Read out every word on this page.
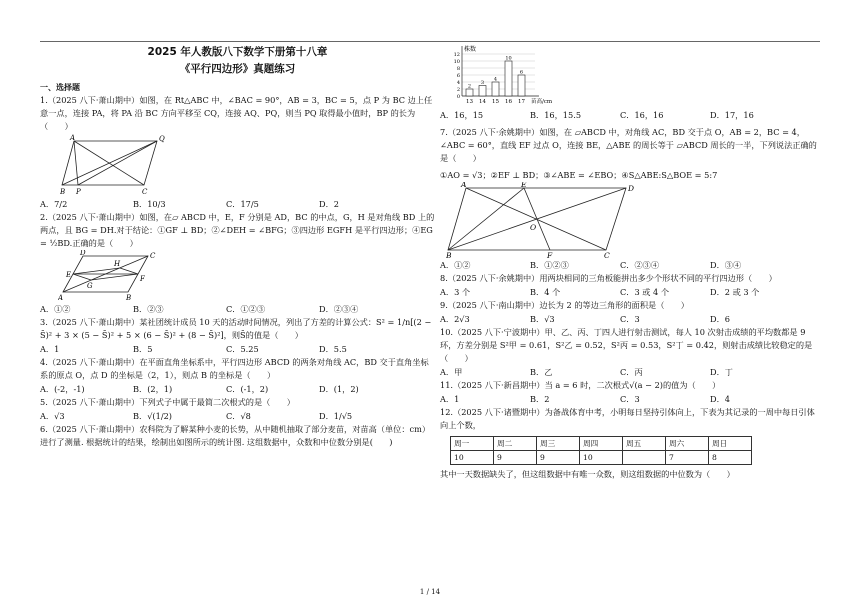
2025 年人教版八下数学下册第十八章
《平行四边形》真题练习
一、选择题

1.（2025 八下·萧山期中）如图，在 Rt△ABC 中，∠BAC = 90°，AB = 3，BC = 5，点 P 为 BC 边上任意一点，连接 PA，将 PA 沿 BC 方向平移至 CQ，连接 AQ、PQ，则当 PQ 取得最小值时，BP 的长为（　　）

A	Q
B P	C
A．7/2	B．10/3	C．17/5	D．2

2.（2025 八下·萧山期中）如图，在▱ ABCD 中，E，F 分别是 AD，BC 的中点，G，H 是对角线 BD 上的两点，且 BG = DH.对于结论：①GF ⊥ BD；②∠DEH = ∠BFG；③四边形 EGFH 是平行四边形；④EG = ½BD.正确的是（　　）

D
E
H
C
A
G
F
B
A．①②	B．②③	C．①②③	D．②③④

3.（2025 八下·萧山期中）某社团统计成员 10 天的活动时间情况，列出了方差的计算公式：S² = 1/n[(2 − S̄)² + 3 × (5 − S̄)² + 5 × (6 − S̄)² + (8 − S̄)²]，则S̄的值是（　　）

A．1	B．5	C．5.25	D．5.5

4.（2025 八下·萧山期中）在平面直角坐标系中，平行四边形 ABCD 的两条对角线 AC，BD 交于直角坐标系的原点 O，点 D 的坐标是（2，1），则点 B 的坐标是（　　）

A．(-2，-1)	B．(2，1)	C．(-1，2)	D．(1，2)

5.（2025 八下·萧山期中）下列式子中属于最简二次根式的是（　　）

A．√3	B．√(1/2)	C．√8	D．1/√5

6.（2025 八下·萧山期中）农科院为了解某种小麦的长势，从中随机抽取了部分麦苗，对苗高（单位：cm）进行了测量. 根据统计的结果，绘制出如图所示的统计图. 这组数据中，众数和中位数分别是(　　)

0
2
4
6
8
10
12
株数
2
13
3
14
4
15
10
16
6
17 苗高/cm
A．16，15	B．16，15.5	C．16，16	D．17，16

7.（2025 八下·余姚期中）如图，在 ▱ABCD 中，对角线 AC，BD 交于点 O，AB = 2，BC = 4，∠ABC = 60°，直线 EF 过点 O，连接 BE，△ABE 的周长等于 ▱ABCD 周长的一半，下列说法正确的是（　　）

①AO = √3；②EF ⊥ BD；③∠ABE = ∠EBO；④S△ABE:S△BOE = 5:7

A	E	D
O
B	F	C
A．①②	B．①②③	C．②③④	D．③④

8.（2025 八下·余姚期中）用两块相同的三角板能拼出多少个形状不同的平行四边形（　　）

A．3 个	B．4 个	C．3 或 4 个	D．2 或 3 个

9.（2025 八下·南山期中）边长为 2 的等边三角形的面积是（　　）

A．2√3	B．√3	C．3	D．6

10.（2025 八下·宁波期中）甲、乙、丙、丁四人进行射击测试，每人 10 次射击成绩的平均数都是 9 环，方差分别是 S²甲 = 0.61，S²乙 = 0.52，S²丙 = 0.53，S²丁 = 0.42，则射击成绩比较稳定的是（　　）

A．甲	B．乙	C．丙	D．丁

11.（2025 八下·新昌期中）当 a = 6 时，二次根式√(a − 2)的值为（　　）

A．1	B．2	C．3	D．4

12.（2025 八下·诸暨期中）为备战体育中考，小明每日坚持引体向上，下表为其记录的一周中每日引体向上个数，

周一	周二	周三	周四	周五	周六	周日
10	9	9	10		7	8

其中一天数据缺失了，但这组数据中有唯一众数，则这组数据的中位数为（　　）

1 / 14
